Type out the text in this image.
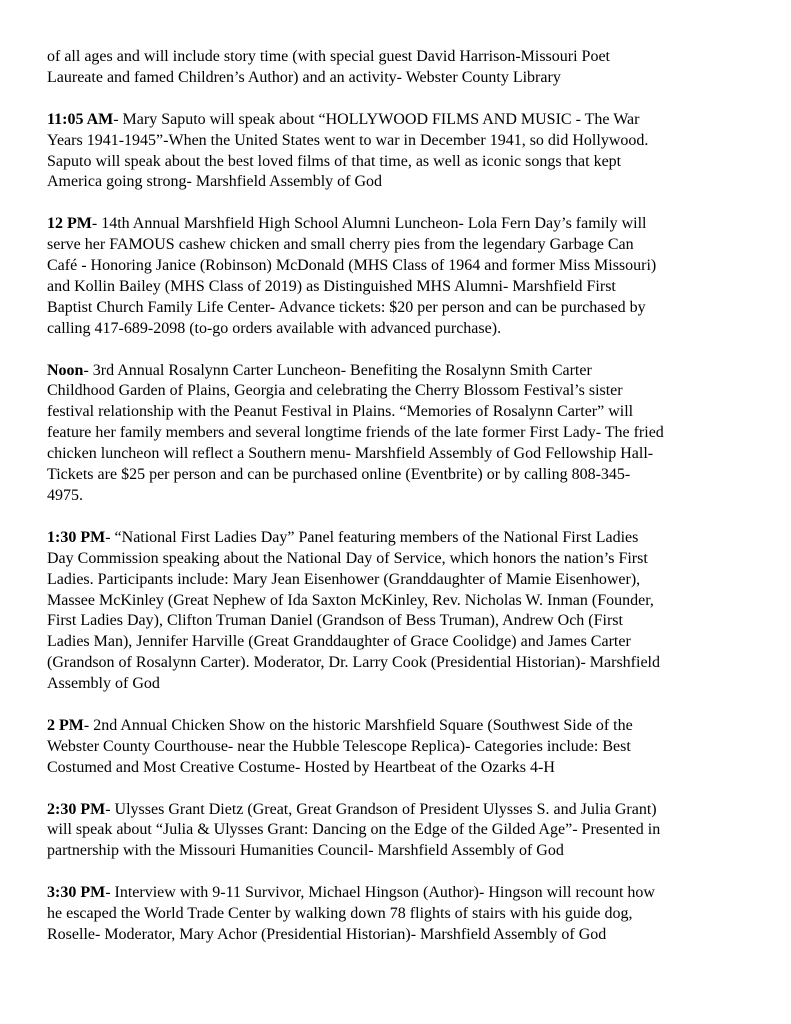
of all ages and will include story time (with special guest David Harrison-Missouri Poet
Laureate and famed Children’s Author) and an activity- Webster County Library

11:05 AM- Mary Saputo will speak about “HOLLYWOOD FILMS AND MUSIC - The War
Years 1941-1945”-When the United States went to war in December 1941, so did Hollywood.
Saputo will speak about the best loved films of that time, as well as iconic songs that kept
America going strong- Marshfield Assembly of God

12 PM- 14th Annual Marshfield High School Alumni Luncheon- Lola Fern Day’s family will
serve her FAMOUS cashew chicken and small cherry pies from the legendary Garbage Can
Café - Honoring Janice (Robinson) McDonald (MHS Class of 1964 and former Miss Missouri)
and Kollin Bailey (MHS Class of 2019) as Distinguished MHS Alumni- Marshfield First
Baptist Church Family Life Center- Advance tickets: $20 per person and can be purchased by
calling 417-689-2098 (to-go orders available with advanced purchase).

Noon- 3rd Annual Rosalynn Carter Luncheon- Benefiting the Rosalynn Smith Carter
Childhood Garden of Plains, Georgia and celebrating the Cherry Blossom Festival’s sister
festival relationship with the Peanut Festival in Plains. “Memories of Rosalynn Carter” will
feature her family members and several longtime friends of the late former First Lady- The fried
chicken luncheon will reflect a Southern menu- Marshfield Assembly of God Fellowship Hall-
Tickets are $25 per person and can be purchased online (Eventbrite) or by calling 808-345-
4975.

1:30 PM- “National First Ladies Day” Panel featuring members of the National First Ladies
Day Commission speaking about the National Day of Service, which honors the nation’s First
Ladies. Participants include: Mary Jean Eisenhower (Granddaughter of Mamie Eisenhower),
Massee McKinley (Great Nephew of Ida Saxton McKinley, Rev. Nicholas W. Inman (Founder,
First Ladies Day), Clifton Truman Daniel (Grandson of Bess Truman), Andrew Och (First
Ladies Man), Jennifer Harville (Great Granddaughter of Grace Coolidge) and James Carter
(Grandson of Rosalynn Carter). Moderator, Dr. Larry Cook (Presidential Historian)- Marshfield
Assembly of God

2 PM- 2nd Annual Chicken Show on the historic Marshfield Square (Southwest Side of the
Webster County Courthouse- near the Hubble Telescope Replica)- Categories include: Best
Costumed and Most Creative Costume- Hosted by Heartbeat of the Ozarks 4-H

2:30 PM- Ulysses Grant Dietz (Great, Great Grandson of President Ulysses S. and Julia Grant)
will speak about “Julia & Ulysses Grant: Dancing on the Edge of the Gilded Age”- Presented in
partnership with the Missouri Humanities Council- Marshfield Assembly of God

3:30 PM- Interview with 9-11 Survivor, Michael Hingson (Author)- Hingson will recount how
he escaped the World Trade Center by walking down 78 flights of stairs with his guide dog,
Roselle- Moderator, Mary Achor (Presidential Historian)- Marshfield Assembly of God
